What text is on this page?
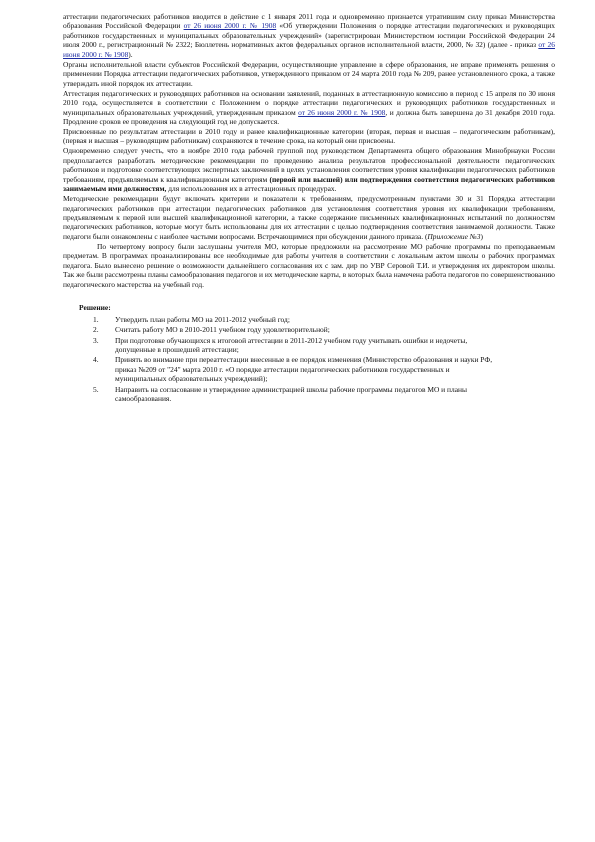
аттестации педагогических работников вводится в действие с 1 января 2011 года и одновременно признается утратившим силу приказ Министерства образования Российской Федерации от 26 июня 2000 г. № 1908 «Об утверждении Положения о порядке аттестации педагогических и руководящих работников государственных и муниципальных образовательных учреждений» (зарегистрирован Министерством юстиции Российской Федерации 24 июля 2000 г., регистрационный № 2322; Бюллетень нормативных актов федеральных органов исполнительной власти, 2000, № 32) (далее - приказ от 26 июня 2000 г. № 1908).

Органы исполнительной власти субъектов Российской Федерации, осуществляющие управление в сфере образования, не вправе применять решения о применении Порядка аттестации педагогических работников, утвержденного приказом от 24 марта 2010 года № 209, ранее установленного срока, а также утверждать иной порядок их аттестации.

Аттестация педагогических и руководящих работников на основании заявлений, поданных в аттестационную комиссию в период с 15 апреля по 30 июня 2010 года, осуществляется в соответствии с Положением о порядке аттестации педагогических и руководящих работников государственных и муниципальных образовательных учреждений, утвержденным приказом от 26 июня 2000 г. № 1908, и должна быть завершена до 31 декабря 2010 года. Продление сроков ее проведения на следующий год не допускается.

Присвоенные по результатам аттестации в 2010 году и ранее квалификационные категории (вторая, первая и высшая – педагогическим работникам), (первая и высшая – руководящим работникам) сохраняются в течение срока, на который они присвоены.

Одновременно следует учесть, что в ноябре 2010 года рабочей группой под руководством Департамента общего образования Минобрнауки России предполагается разработать методические рекомендации по проведению анализа результатов профессиональной деятельности педагогических работников и подготовке соответствующих экспертных заключений в целях установления соответствия уровня квалификации педагогических работников требованиям, предъявляемым к квалификационным категориям (первой или высшей) или подтверждения соответствия педагогических работников занимаемым ими должностям, для использования их в аттестационных процедурах.

Методические рекомендации будут включать критерии и показатели к требованиям, предусмотренным пунктами 30 и 31 Порядка аттестации педагогических работников при аттестации педагогических работников для установления соответствия уровня их квалификации требованиям, предъявляемым к первой или высшей квалификационной категории, а также содержание письменных квалификационных испытаний по должностям педагогических работников, которые могут быть использованы для их аттестации с целью подтверждения соответствия занимаемой должности. Также педагоги были ознакомлены с наиболее частыми вопросами. Встречающимися при обсуждении данного приказа. (Приложение №3)

По четвертому вопросу были заслушаны учителя МО, которые предложили на рассмотрение МО рабочие программы по преподаваемым предметам. В программах проанализированы все необходимые для работы учителя в соответствии с локальным актом школы о рабочих программах педагога. Было вынесено решение о возможности дальнейшего согласования их с зам. дир по УВР Серовой Т.И. и утверждения их директором школы. Так же были рассмотрены планы самообразования педагогов и их методические карты, в которых была намечена работа педагогов по совершенствованию педагогического мастерства на учебный год.

Решение:
1. Утвердить план работы МО на 2011-2012 учебный год;
2. Считать работу МО в 2010-2011 учебном году удовлетворительной;
3. При подготовке обучающихся к итоговой аттестации в 2011-2012 учебном году учитывать ошибки и недочеты, допущенные в прошедшей аттестации;
4. Принять во внимание при переаттестации внесенные в ее порядок изменения (Министерство образования и науки РФ, приказ №209 от "24" марта 2010 г. «О порядке аттестации педагогических работников государственных и муниципальных образовательных учреждений);
5. Направить на согласование и утверждение администрацией школы рабочие программы педагогов МО и планы самообразования.
